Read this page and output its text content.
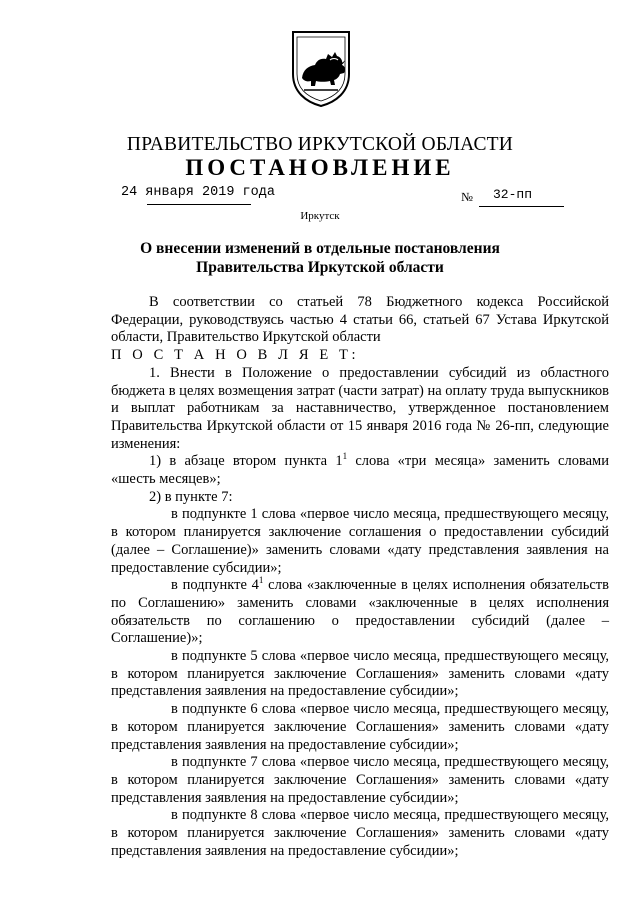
ПРАВИТЕЛЬСТВО ИРКУТСКОЙ ОБЛАСТИ
ПОСТАНОВЛЕНИЕ
24 января 2019 года	№ 32-пп
Иркутск
О внесении изменений в отдельные постановления Правительства Иркутской области

В соответствии со статьей 78 Бюджетного кодекса Российской Федерации, руководствуясь частью 4 статьи 66, статьей 67 Устава Иркутской области, Правительство Иркутской области

П О С Т А Н О В Л Я Е Т:

1. Внести в Положение о предоставлении субсидий из областного бюджета в целях возмещения затрат (части затрат) на оплату труда выпускников и выплат работникам за наставничество, утвержденное постановлением Правительства Иркутской области от 15 января 2016 года № 26-пп, следующие изменения:

1) в абзаце втором пункта $1^1$ слова «три месяца» заменить словами «шесть месяцев»;

2) в пункте 7:

в подпункте 1 слова «первое число месяца, предшествующего месяцу, в котором планируется заключение соглашения о предоставлении субсидий (далее – Соглашение)» заменить словами «дату представления заявления на предоставление субсидии»;

в подпункте $4^1$ слова «заключенные в целях исполнения обязательств по Соглашению» заменить словами «заключенные в целях исполнения обязательств по соглашению о предоставлении субсидий (далее – Соглашение)»;

в подпункте 5 слова «первое число месяца, предшествующего месяцу, в котором планируется заключение Соглашения» заменить словами «дату представления заявления на предоставление субсидии»;

в подпункте 6 слова «первое число месяца, предшествующего месяцу, в котором планируется заключение Соглашения» заменить словами «дату представления заявления на предоставление субсидии»;

в подпункте 7 слова «первое число месяца, предшествующего месяцу, в котором планируется заключение Соглашения» заменить словами «дату представления заявления на предоставление субсидии»;

в подпункте 8 слова «первое число месяца, предшествующего месяцу, в котором планируется заключение Соглашения» заменить словами «дату представления заявления на предоставление субсидии»;
